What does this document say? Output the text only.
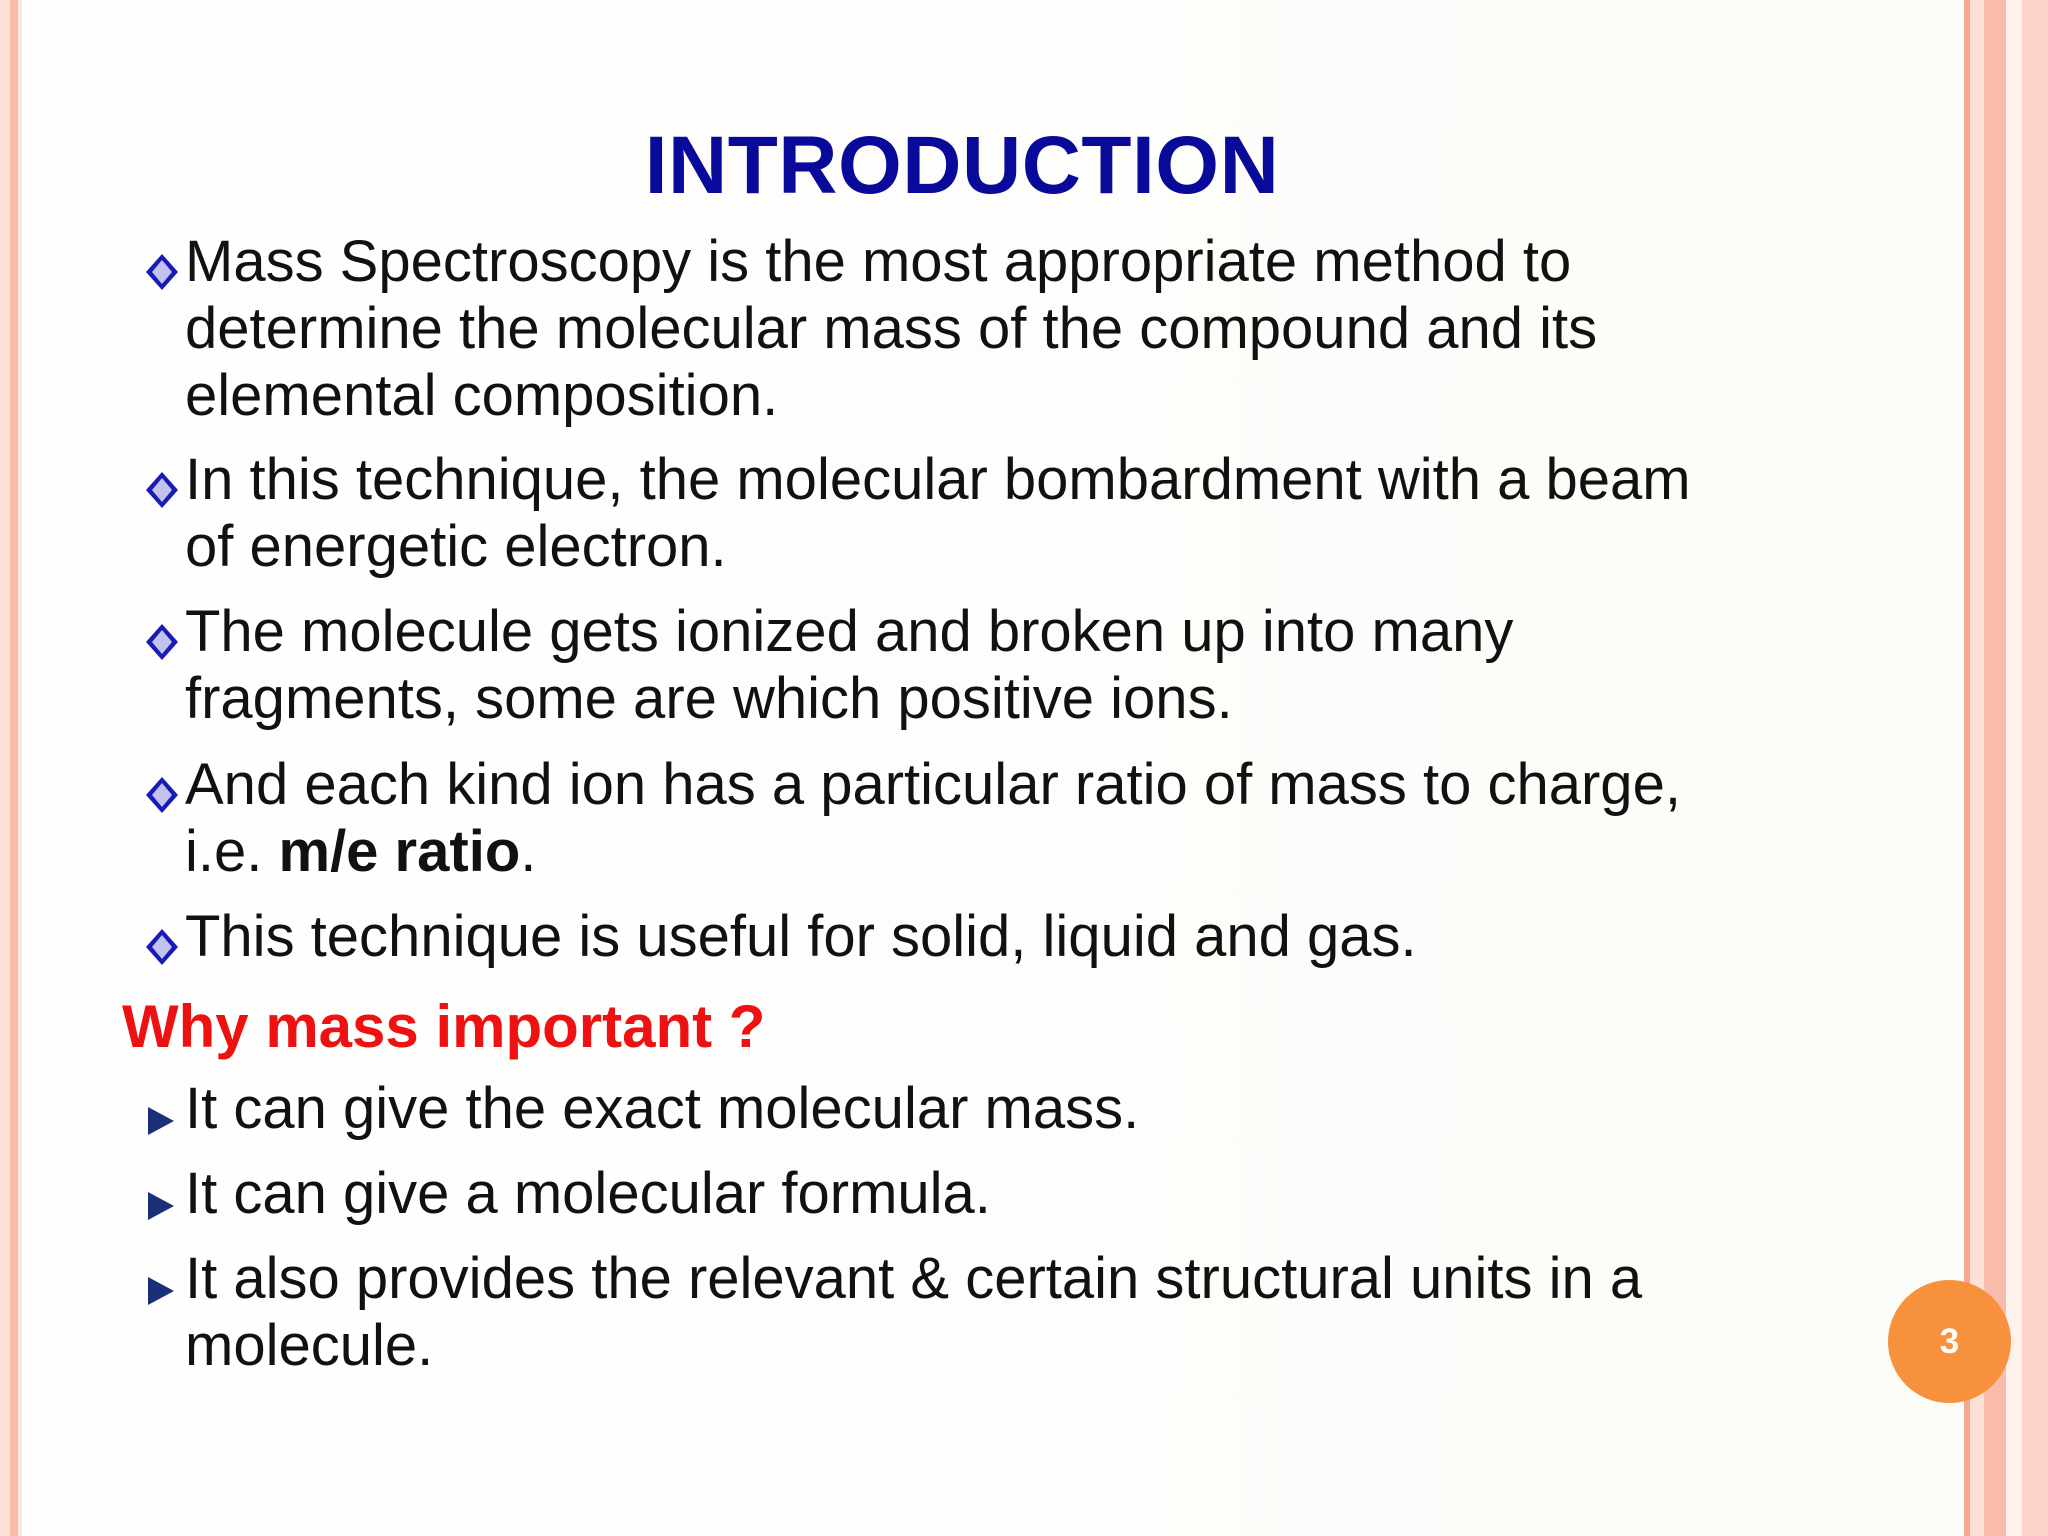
INTRODUCTION
Mass Spectroscopy is the most appropriate method to
determine the molecular mass of the compound and its
elemental composition.
In this technique, the molecular bombardment with a beam
of energetic electron.
The molecule gets ionized and broken up into many
fragments, some are which positive ions.
And each kind ion has a particular ratio of mass to charge,
i.e. m/e ratio.
This technique is useful for solid, liquid and gas.
Why mass important ?
It can give the exact molecular mass.
It can give a molecular formula.
It also provides the relevant & certain structural units in a
molecule.	3
